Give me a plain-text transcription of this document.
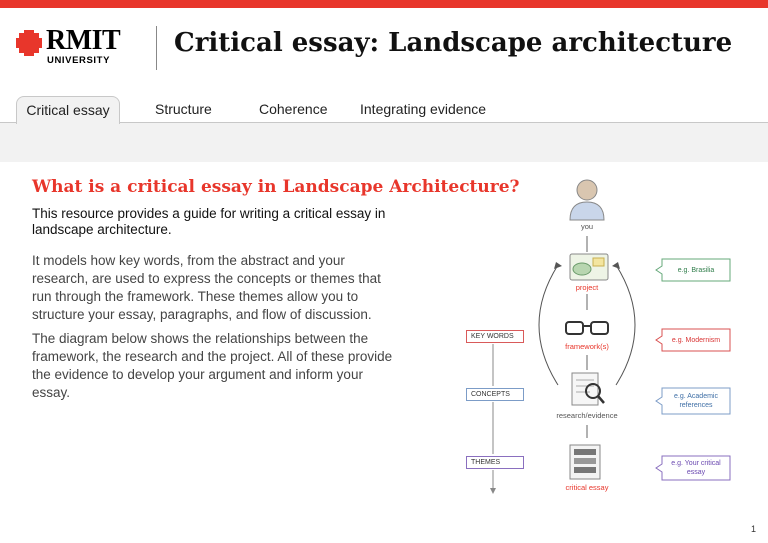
RMIT
UNIVERSITY
Critical essay: Landscape architecture
Critical essay	Structure	Coherence Integrating evidence
What is a critical essay in Landscape Architecture?

This resource provides a guide for writing a critical essay in landscape architecture.

It models how key words, from the abstract and your research, are used to express the concepts or themes that run through the framework. These themes allow you to structure your essay, paragraphs, and flow of discussion.

The diagram below shows the relationships between the framework, the research and the project. All of these provide the evidence to develop your argument and inform your essay.

you
project
framework(s)
research/evidence
critical essay
KEY WORDS
CONCEPTS
THEMES
e.g. Brasilia
e.g. Modernism
e.g. Academic references
e.g. Your critical essay
1
